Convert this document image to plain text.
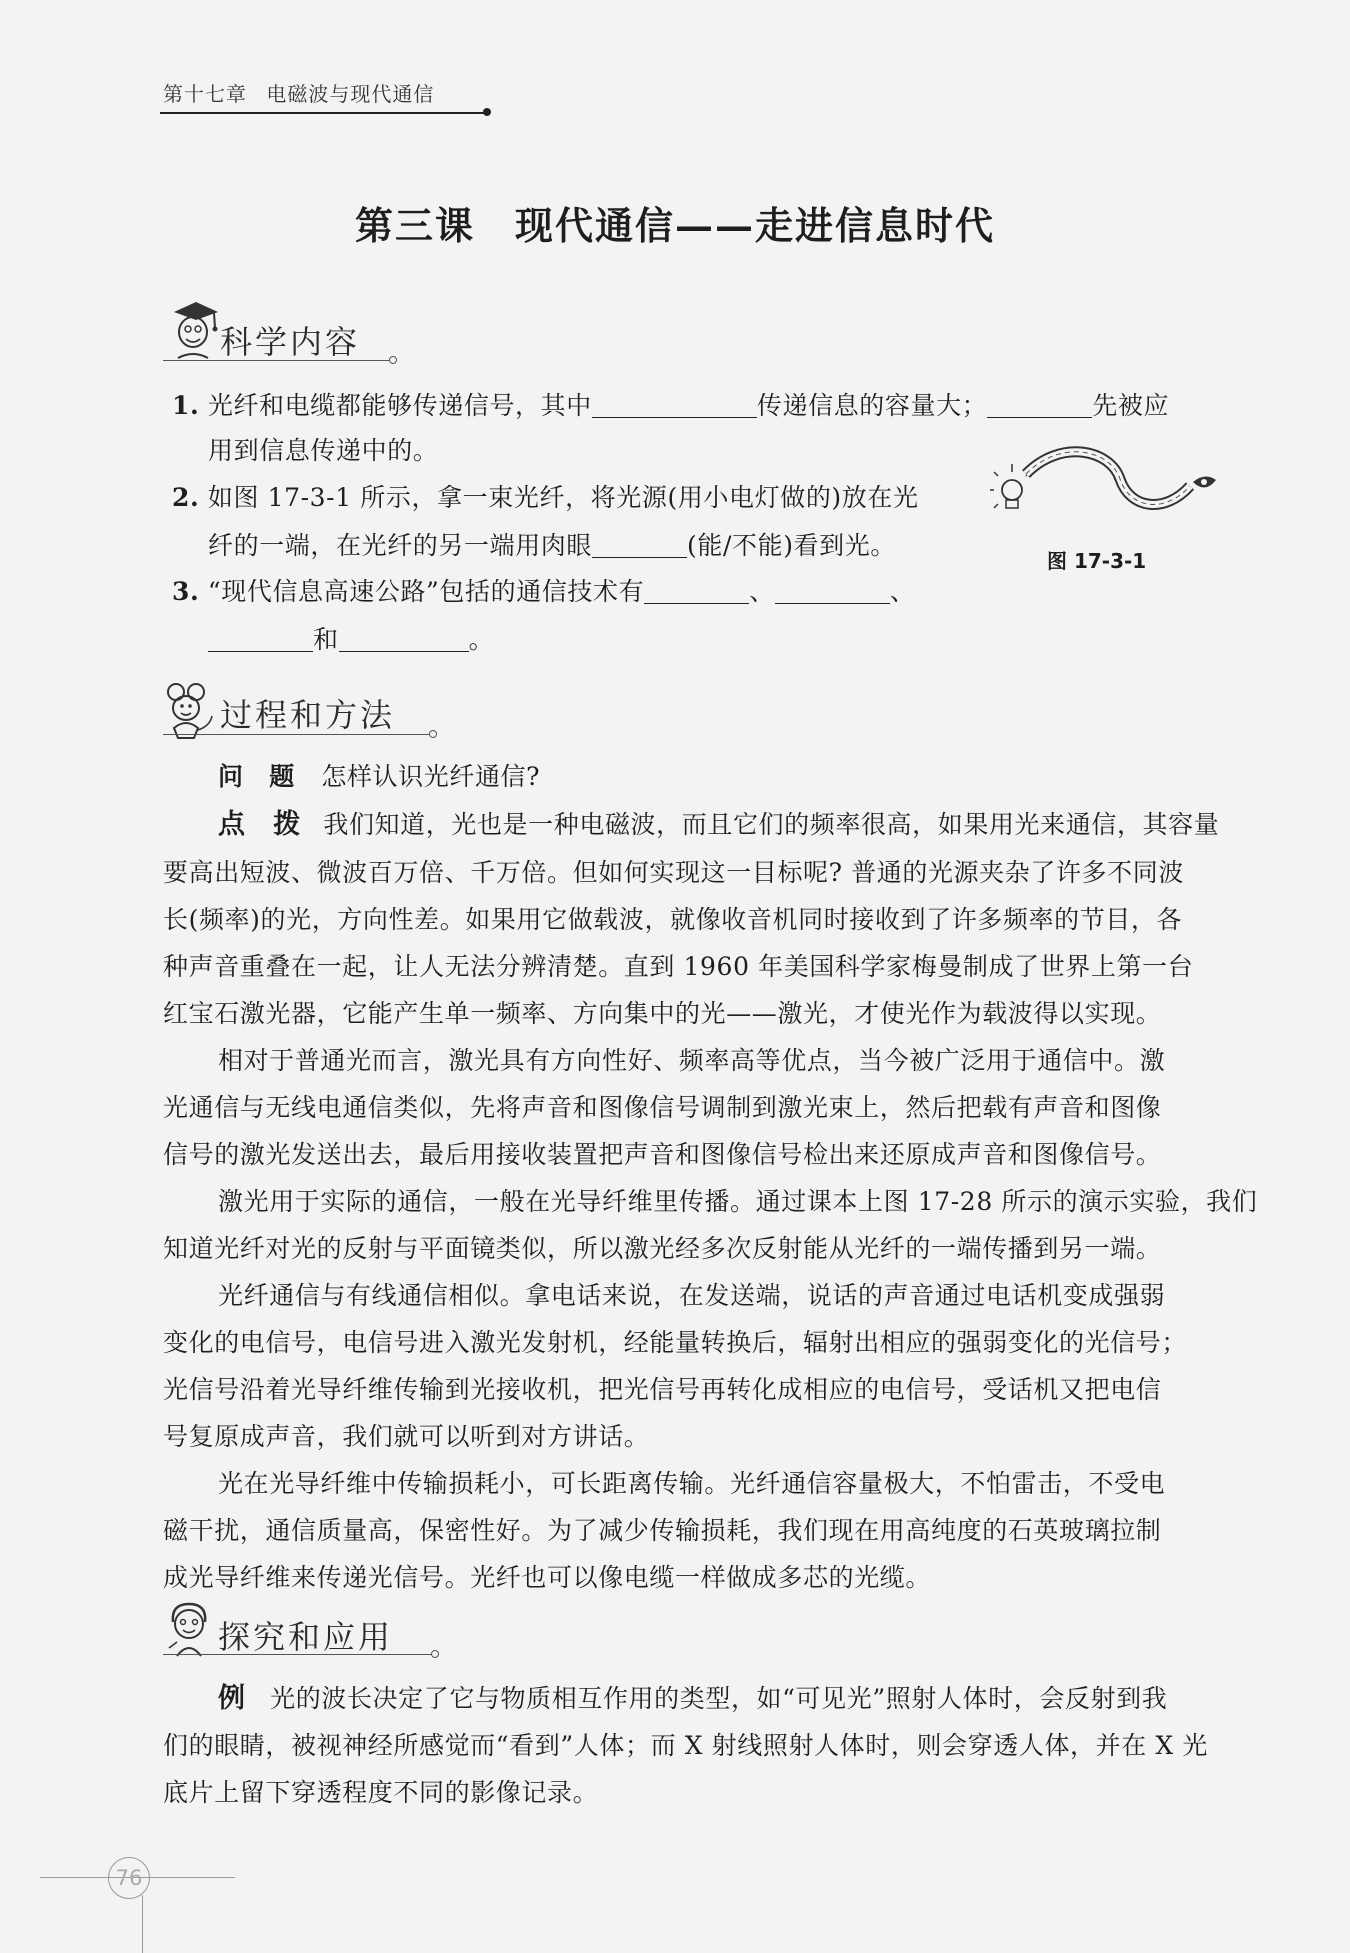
第十七章 电磁波与现代通信
第三课　现代通信——走进信息时代
科学内容
1. 光纤和电缆都能够传递信号，其中	传递信息的容量大；	先被应
用到信息传递中的。
2. 如图 17-3-1 所示，拿一束光纤，将光源(用小电灯做的)放在光
纤的一端，在光纤的另一端用肉眼	(能/不能)看到光。
图 17-3-1
3. “现代信息高速公路”包括的通信技术有	、	、
和	。
过程和方法
问　题 怎样认识光纤通信?
点　拨 我们知道，光也是一种电磁波，而且它们的频率很高，如果用光来通信，其容量
要高出短波、微波百万倍、千万倍。但如何实现这一目标呢? 普通的光源夹杂了许多不同波
长(频率)的光，方向性差。如果用它做载波，就像收音机同时接收到了许多频率的节目，各
种声音重叠在一起，让人无法分辨清楚。直到 1960 年美国科学家梅曼制成了世界上第一台
红宝石激光器，它能产生单一频率、方向集中的光——激光，才使光作为载波得以实现。
相对于普通光而言，激光具有方向性好、频率高等优点，当今被广泛用于通信中。激
光通信与无线电通信类似，先将声音和图像信号调制到激光束上，然后把载有声音和图像
信号的激光发送出去，最后用接收装置把声音和图像信号检出来还原成声音和图像信号。
激光用于实际的通信，一般在光导纤维里传播。通过课本上图 17-28 所示的演示实验，我们
知道光纤对光的反射与平面镜类似，所以激光经多次反射能从光纤的一端传播到另一端。
光纤通信与有线通信相似。拿电话来说，在发送端，说话的声音通过电话机变成强弱
变化的电信号，电信号进入激光发射机，经能量转换后，辐射出相应的强弱变化的光信号；
光信号沿着光导纤维传输到光接收机，把光信号再转化成相应的电信号，受话机又把电信
号复原成声音，我们就可以听到对方讲话。
光在光导纤维中传输损耗小，可长距离传输。光纤通信容量极大，不怕雷击，不受电
磁干扰，通信质量高，保密性好。为了减少传输损耗，我们现在用高纯度的石英玻璃拉制
成光导纤维来传递光信号。光纤也可以像电缆一样做成多芯的光缆。
探究和应用
例 光的波长决定了它与物质相互作用的类型，如“可见光”照射人体时，会反射到我
们的眼睛，被视神经所感觉而“看到”人体；而 X 射线照射人体时，则会穿透人体，并在 X 光
底片上留下穿透程度不同的影像记录。
76
